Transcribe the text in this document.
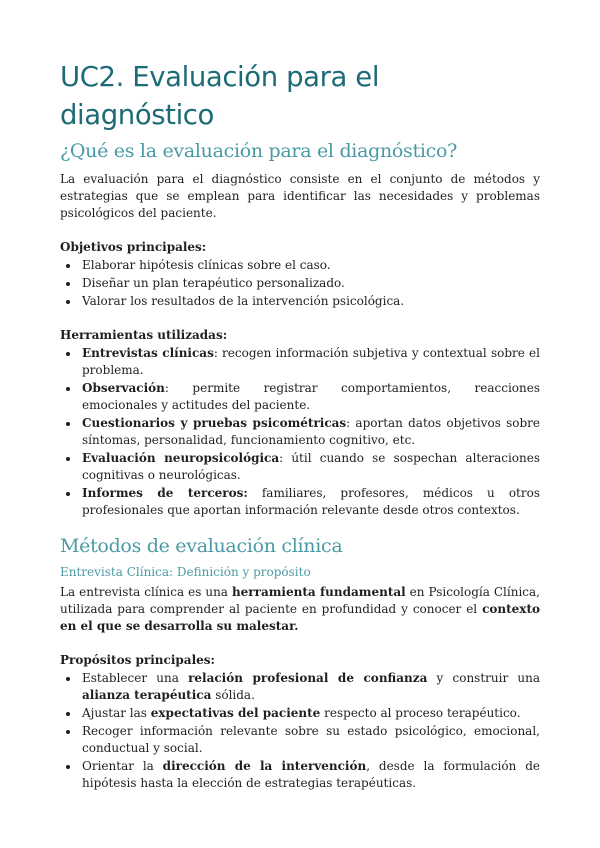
UC2. Evaluación para el diagnóstico
¿Qué es la evaluación para el diagnóstico?

La evaluación para el diagnóstico consiste en el conjunto de métodos y estrategias que se emplean para identificar las necesidades y problemas psicológicos del paciente.

Objetivos principales:

• Elaborar hipótesis clínicas sobre el caso.
• Diseñar un plan terapéutico personalizado.
• Valorar los resultados de la intervención psicológica.

Herramientas utilizadas:

• Entrevistas clínicas: recogen información subjetiva y contextual sobre el problema.
• Observación: permite registrar comportamientos, reacciones emocionales y actitudes del paciente.
• Cuestionarios y pruebas psicométricas: aportan datos objetivos sobre síntomas, personalidad, funcionamiento cognitivo, etc.
• Evaluación neuropsicológica: útil cuando se sospechan alteraciones cognitivas o neurológicas.
• Informes de terceros: familiares, profesores, médicos u otros profesionales que aportan información relevante desde otros contextos.
Métodos de evaluación clínica
Entrevista Clínica: Definición y propósito

La entrevista clínica es una herramienta fundamental en Psicología Clínica, utilizada para comprender al paciente en profundidad y conocer el contexto en el que se desarrolla su malestar.

Propósitos principales:

• Establecer una relación profesional de confianza y construir una alianza terapéutica sólida.
• Ajustar las expectativas del paciente respecto al proceso terapéutico.
• Recoger información relevante sobre su estado psicológico, emocional, conductual y social.
• Orientar la dirección de la intervención, desde la formulación de hipótesis hasta la elección de estrategias terapéuticas.
